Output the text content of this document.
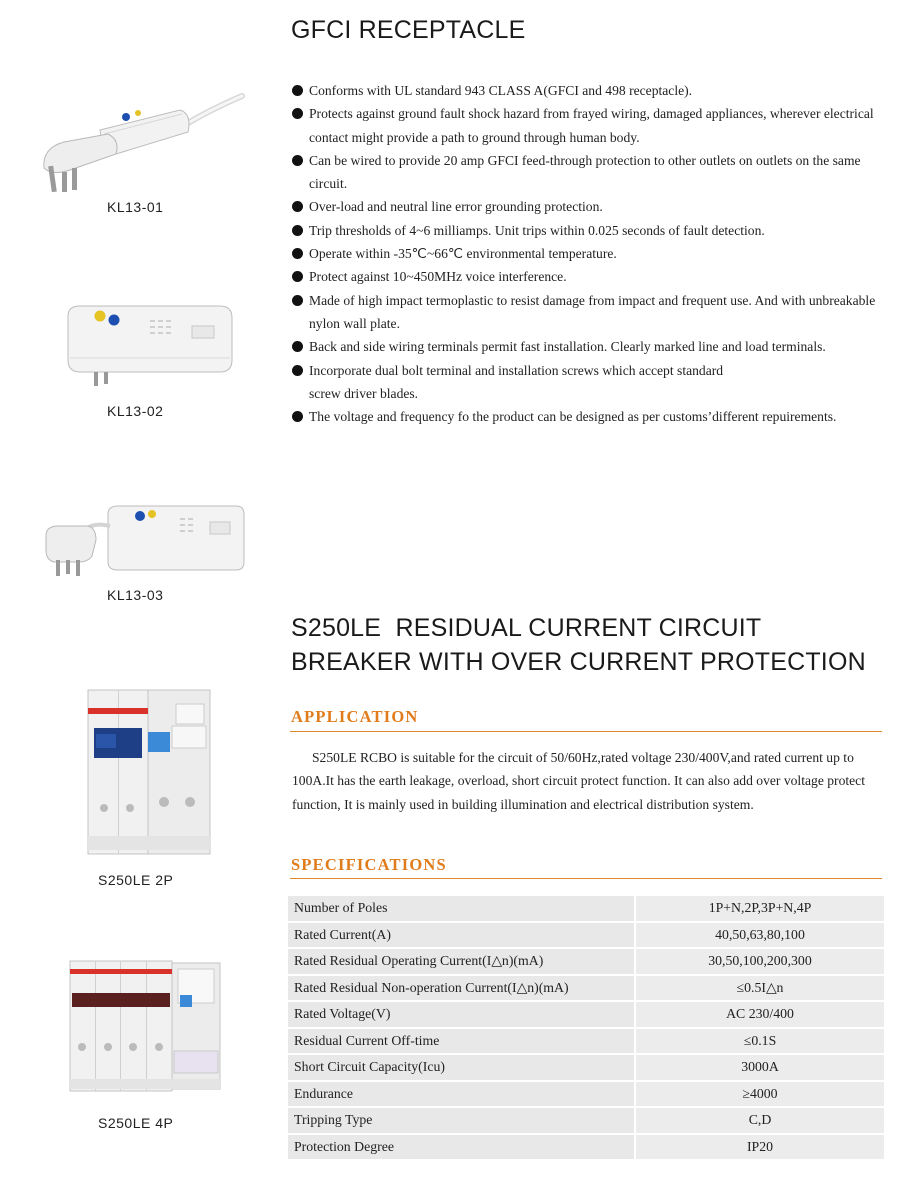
GFCI RECEPTACLE
Conforms with UL standard 943 CLASS A(GFCI and 498 receptacle).
Protects against ground fault shock hazard from frayed wiring, damaged appliances, wherever electrical contact might provide a path to ground through human body.
Can be wired to provide 20 amp GFCI feed-through protection to other outlets on outlets on the same circuit.
Over-load and neutral line error grounding protection.
Trip thresholds of 4~6 milliamps. Unit trips within 0.025 seconds of fault detection.
Operate within -35℃~66℃ environmental temperature.
Protect against 10~450MHz voice interference.
Made of high impact termoplastic to resist damage from impact and frequent use. And with unbreakable nylon wall plate.
Back and side wiring terminals permit fast installation. Clearly marked line and load terminals.
Incorporate dual bolt terminal and installation screws which accept standard screw driver blades.
The voltage and frequency fo the product can be designed as per customs’different repuirements.
KL13-01
KL13-02
KL13-03
S250LE  RESIDUAL CURRENT CIRCUIT
BREAKER WITH OVER CURRENT PROTECTION
APPLICATION
S250LE RCBO is suitable for the circuit of 50/60Hz,rated voltage 230/400V,and rated current up to 100A.It has the earth leakage, overload, short circuit protect function. It can also add over voltage protect function, It is mainly used in building illumination and electrical distribution system.
SPECIFICATIONS
Number of Poles	1P+N,2P,3P+N,4P
Rated Current(A)	40,50,63,80,100
Rated Residual Operating Current(I△n)(mA)	30,50,100,200,300
Rated Residual Non-operation Current(I△n)(mA)	≤0.5I△n
Rated Voltage(V)	AC 230/400
Residual Current Off-time	≤0.1S
Short Circuit Capacity(Icu)	3000A
Endurance	≥4000
Tripping Type	C,D
Protection Degree	IP20
S250LE 2P
S250LE 4P
